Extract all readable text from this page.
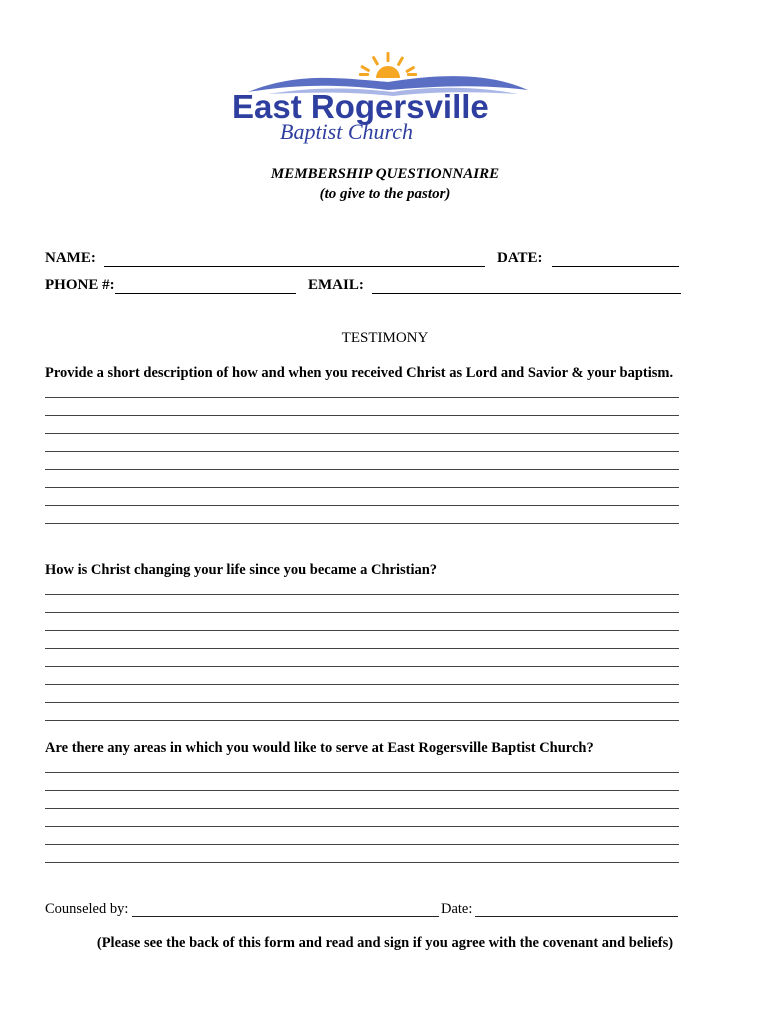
East Rogersville
Baptist Church
MEMBERSHIP QUESTIONNAIRE
(to give to the pastor)
NAME:	DATE:
PHONE #:	EMAIL:
TESTIMONY
Provide a short description of how and when you received Christ as Lord and Savior & your baptism.
How is Christ changing your life since you became a Christian?
Are there any areas in which you would like to serve at East Rogersville Baptist Church?
Counseled by:	Date:
(Please see the back of this form and read and sign if you agree with the covenant and beliefs)
